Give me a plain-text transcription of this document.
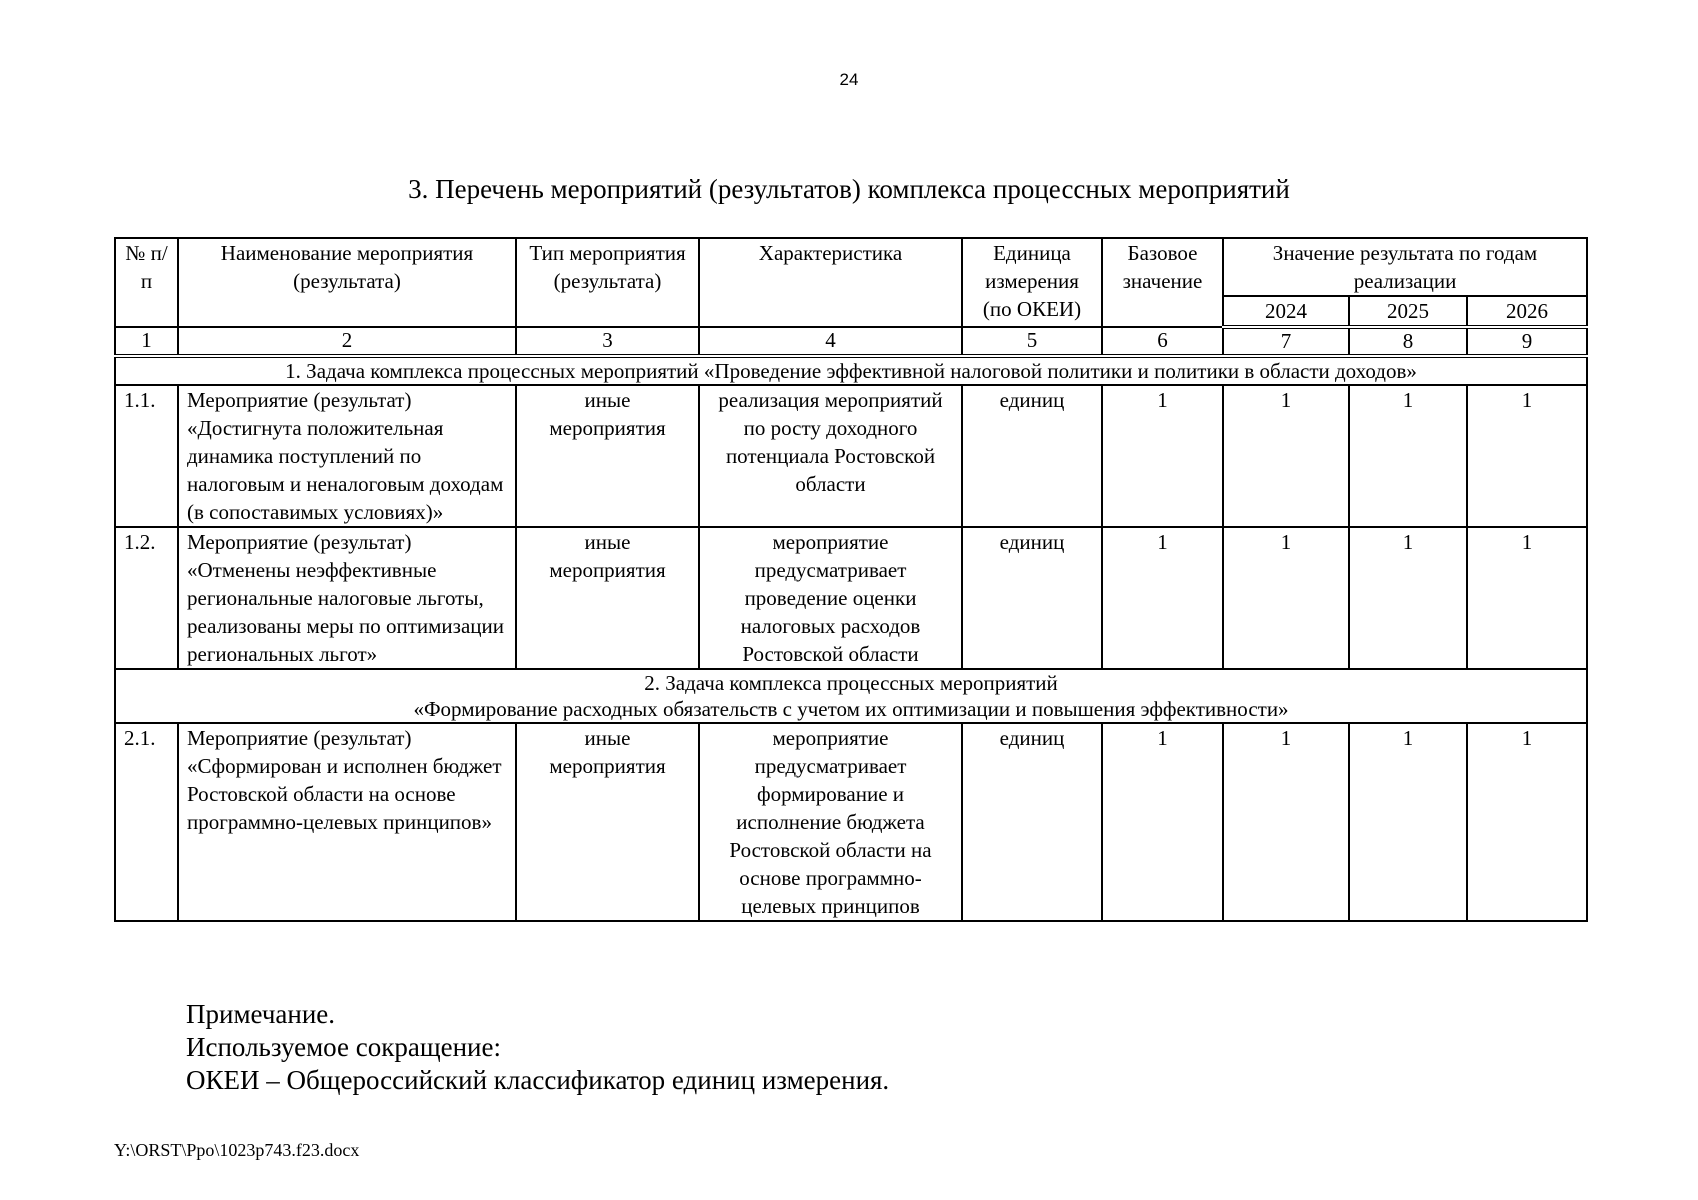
24
3. Перечень мероприятий (результатов) комплекса процессных мероприятий
№ п/п	Наименование мероприятия (результата)	Тип мероприятия (результата)	Характеристика	Единица измерения (по ОКЕИ)	Базовое значение	Значение результата по годам реализации		
						2024	2025	2026
1	2	3	4	5	6	7	8	9
1. Задача комплекса процессных мероприятий «Проведение эффективной налоговой политики и политики в области доходов»								
1.1.	Мероприятие (результат) «Достигнута положительная динамика поступлений по налоговым и неналоговым доходам (в сопоставимых условиях)»	иные мероприятия	реализация мероприятий по росту доходного потенциала Ростовской области	единиц	1	1	1	1
1.2.	Мероприятие (результат) «Отменены неэффективные региональные налоговые льготы, реализованы меры по оптимизации региональных льгот»	иные мероприятия	мероприятие предусматривает проведение оценки налоговых расходов Ростовской области	единиц	1	1	1	1

2. Задача комплекса процессных мероприятий
«Формирование расходных обязательств с учетом их оптимизации и повышения эффективности»								

2.1.	Мероприятие (результат) «Сформирован и исполнен бюджет Ростовской области на основе программно-целевых принципов»	иные мероприятия	мероприятие предусматривает формирование и исполнение бюджета Ростовской области на основе программно-целевых принципов	единиц	1	1	1	1
Примечание.
Используемое сокращение:
ОКЕИ – Общероссийский классификатор единиц измерения.
Y:\ORST\Ppo\1023p743.f23.docx
